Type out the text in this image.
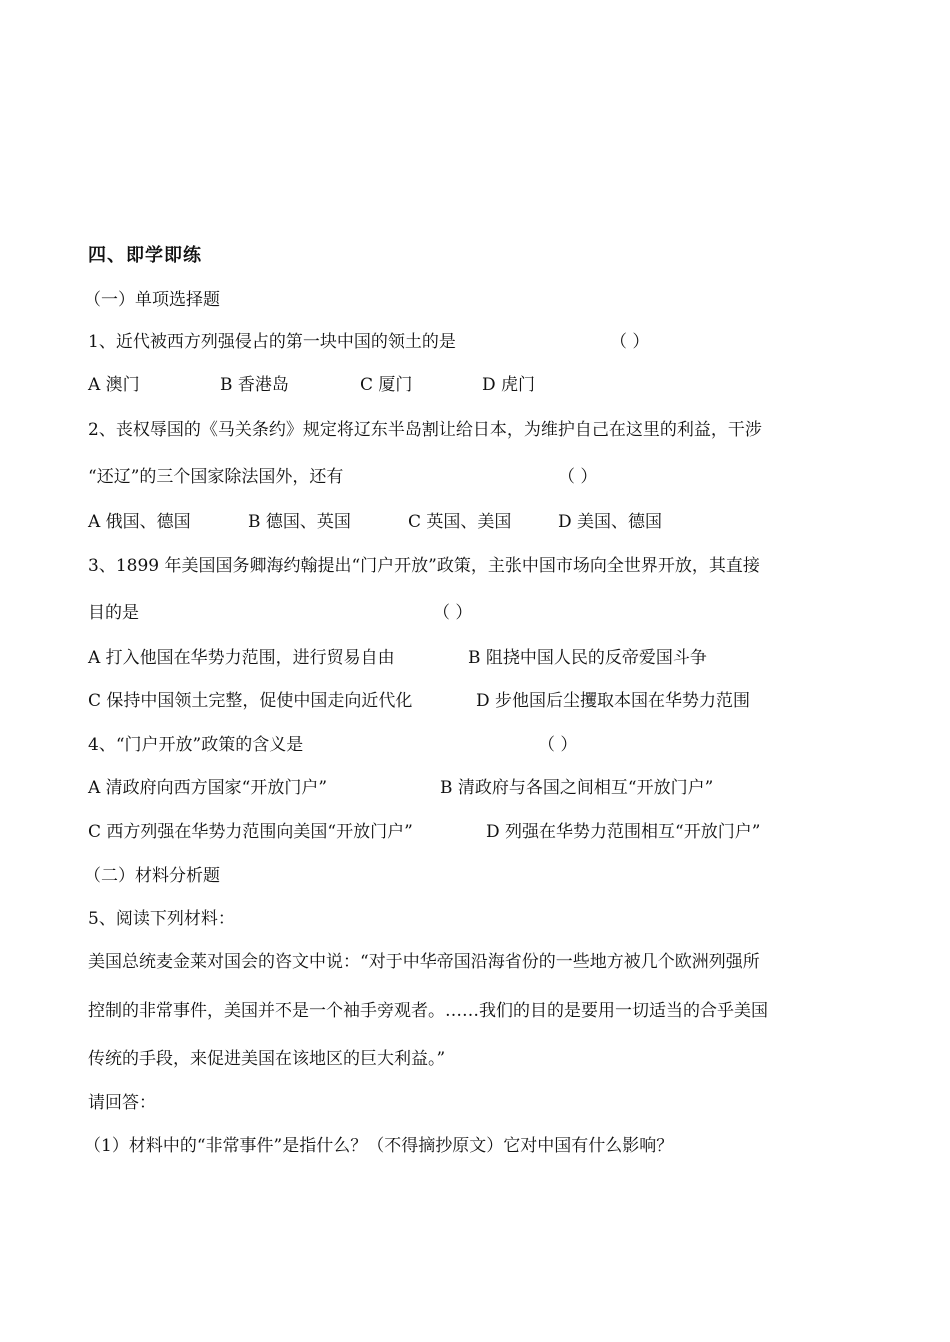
四、即学即练
（一）单项选择题
1、近代被西方列强侵占的第一块中国的领土的是	（ ）
A 澳门	B 香港岛	C 厦门	D 虎门
2、丧权辱国的《马关条约》规定将辽东半岛割让给日本，为维护自己在这里的利益，干涉
“还辽”的三个国家除法国外，还有	（ ）
A 俄国、德国	B 德国、英国	C 英国、美国	D 美国、德国
3、1899 年美国国务卿海约翰提出“门户开放”政策，主张中国市场向全世界开放，其直接
目的是	（ ）
A 打入他国在华势力范围，进行贸易自由	B 阻挠中国人民的反帝爱国斗争
C 保持中国领土完整，促使中国走向近代化	D 步他国后尘攫取本国在华势力范围
4、“门户开放”政策的含义是	（ ）
A 清政府向西方国家“开放门户”	B 清政府与各国之间相互“开放门户”
C 西方列强在华势力范围向美国“开放门户”	D 列强在华势力范围相互“开放门户”
（二）材料分析题
5、阅读下列材料：
美国总统麦金莱对国会的咨文中说：“对于中华帝国沿海省份的一些地方被几个欧洲列强所
控制的非常事件，美国并不是一个袖手旁观者。……我们的目的是要用一切适当的合乎美国
传统的手段，来促进美国在该地区的巨大利益。”
请回答：
（1）材料中的“非常事件”是指什么？（不得摘抄原文）它对中国有什么影响？
